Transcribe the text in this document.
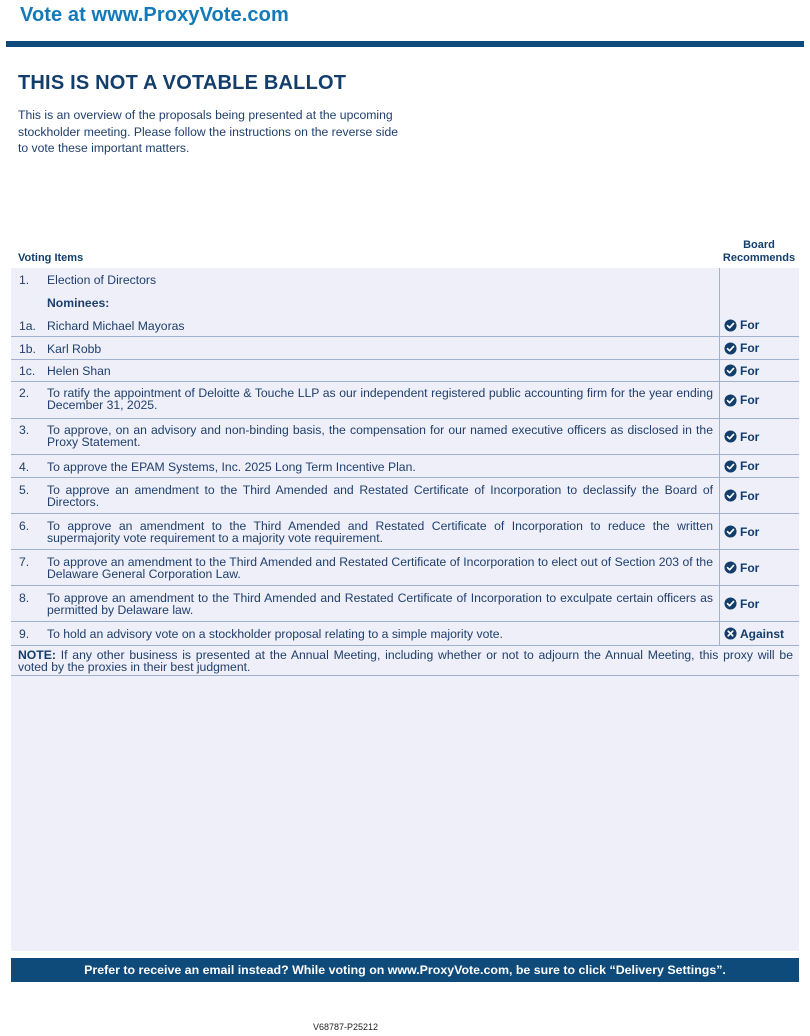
Vote at www.ProxyVote.com
THIS IS NOT A VOTABLE BALLOT
This is an overview of the proposals being presented at the upcoming stockholder meeting. Please follow the instructions on the reverse side to vote these important matters.
Voting Items
Board Recommends
1.	Election of Directors
Nominees:
1a. Richard Michael Mayoras	For
1b. Karl Robb	For
1c. Helen Shan	For
2.	To ratify the appointment of Deloitte & Touche LLP as our independent registered public accounting firm for the year ending December 31, 2025.	For
3.	To approve, on an advisory and non-binding basis, the compensation for our named executive officers as disclosed in the Proxy Statement.	For
4.	To approve the EPAM Systems, Inc. 2025 Long Term Incentive Plan.	For
5.	To approve an amendment to the Third Amended and Restated Certificate of Incorporation to declassify the Board of Directors.	For
6.	To approve an amendment to the Third Amended and Restated Certificate of Incorporation to reduce the written supermajority vote requirement to a majority vote requirement.	For
7.	To approve an amendment to the Third Amended and Restated Certificate of Incorporation to elect out of Section 203 of the Delaware General Corporation Law.	For
8.	To approve an amendment to the Third Amended and Restated Certificate of Incorporation to exculpate certain officers as permitted by Delaware law.	For
9.	To hold an advisory vote on a stockholder proposal relating to a simple majority vote.	Against
NOTE: If any other business is presented at the Annual Meeting, including whether or not to adjourn the Annual Meeting, this proxy will be voted by the proxies in their best judgment.
Prefer to receive an email instead? While voting on www.ProxyVote.com, be sure to click “Delivery Settings”.
V68787-P25212
